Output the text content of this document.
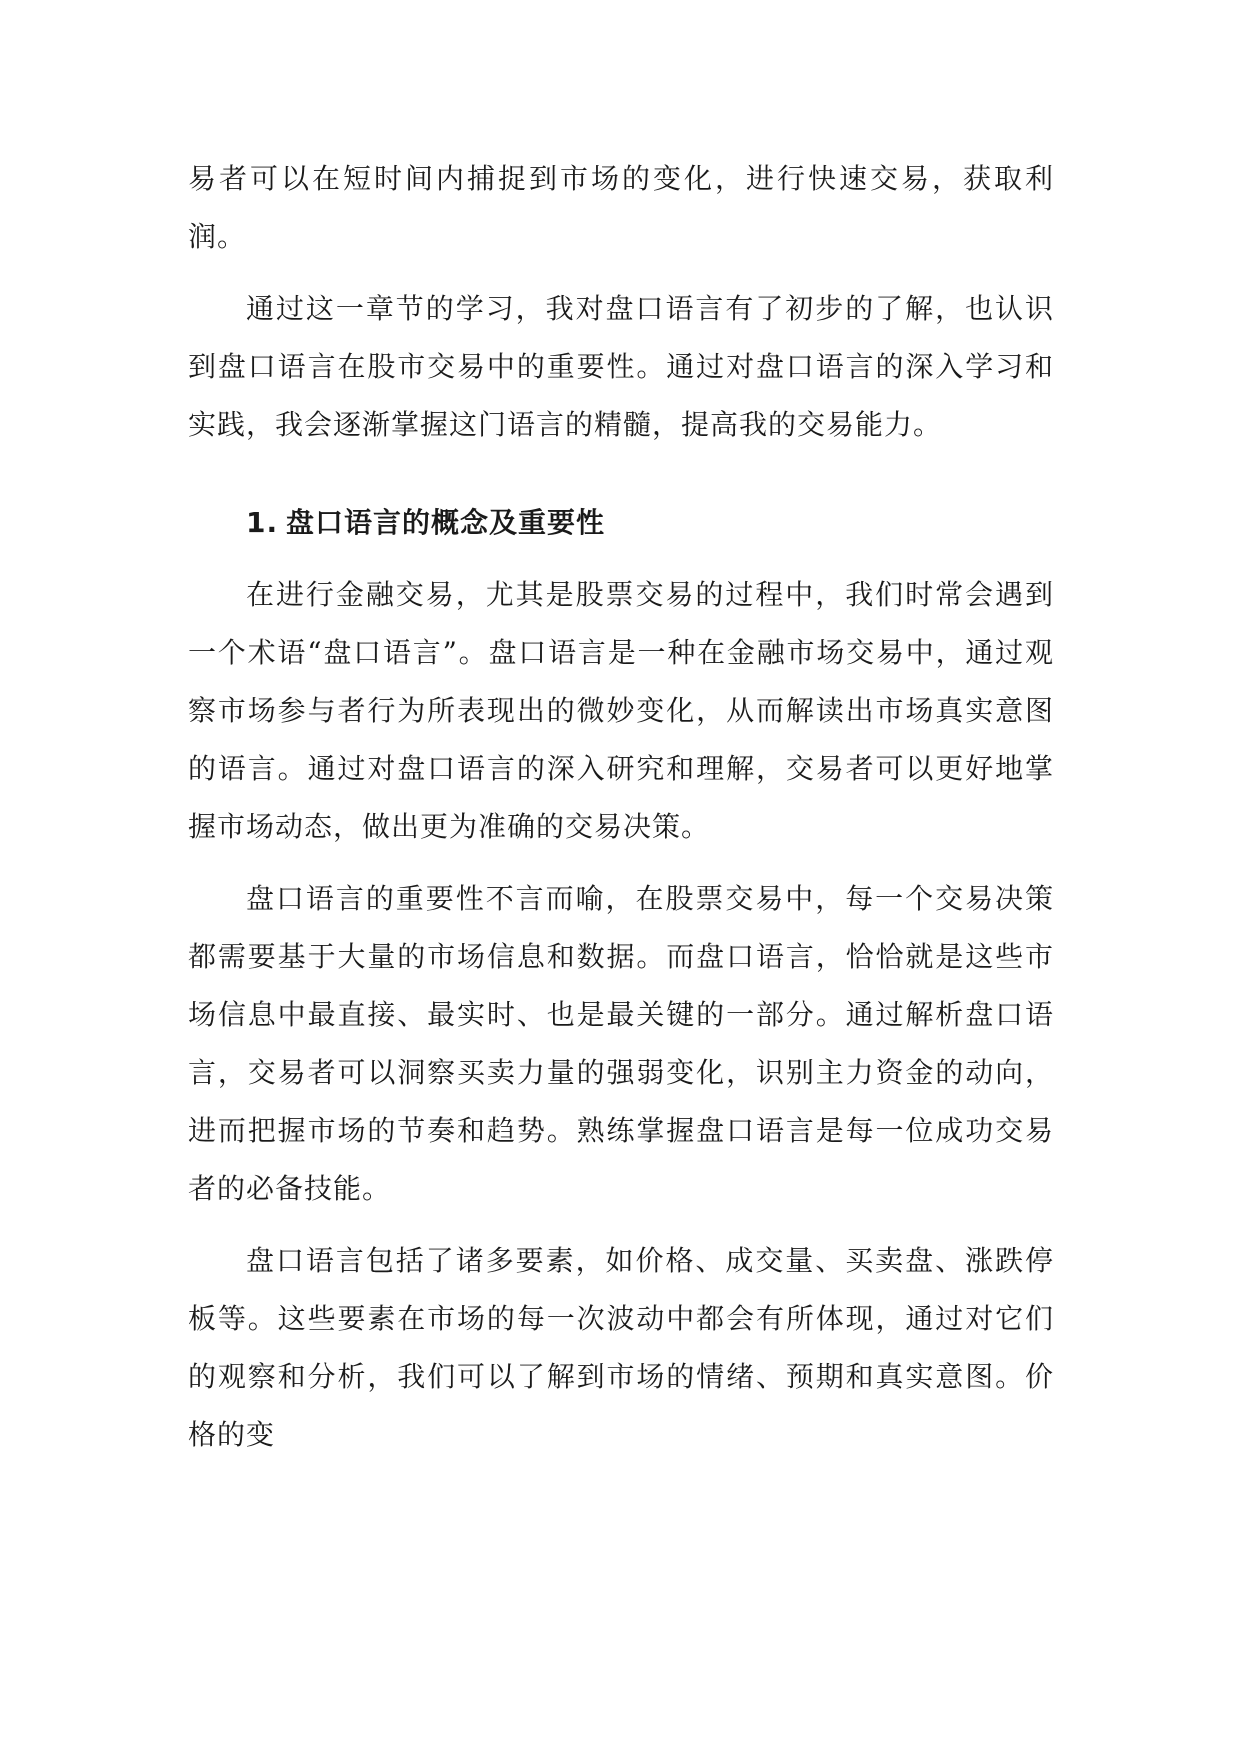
易者可以在短时间内捕捉到市场的变化，进行快速交易，获取利润。

通过这一章节的学习，我对盘口语言有了初步的了解，也认识到盘口语言在股市交易中的重要性。通过对盘口语言的深入学习和实践，我会逐渐掌握这门语言的精髓，提高我的交易能力。

1. 盘口语言的概念及重要性

在进行金融交易，尤其是股票交易的过程中，我们时常会遇到一个术语“盘口语言”。盘口语言是一种在金融市场交易中，通过观察市场参与者行为所表现出的微妙变化，从而解读出市场真实意图的语言。通过对盘口语言的深入研究和理解，交易者可以更好地掌握市场动态，做出更为准确的交易决策。

盘口语言的重要性不言而喻，在股票交易中，每一个交易决策都需要基于大量的市场信息和数据。而盘口语言，恰恰就是这些市场信息中最直接、最实时、也是最关键的一部分。通过解析盘口语言，交易者可以洞察买卖力量的强弱变化，识别主力资金的动向，进而把握市场的节奏和趋势。熟练掌握盘口语言是每一位成功交易者的必备技能。

盘口语言包括了诸多要素，如价格、成交量、买卖盘、涨跌停板等。这些要素在市场的每一次波动中都会有所体现，通过对它们的观察和分析，我们可以了解到市场的情绪、预期和真实意图。价格的变
